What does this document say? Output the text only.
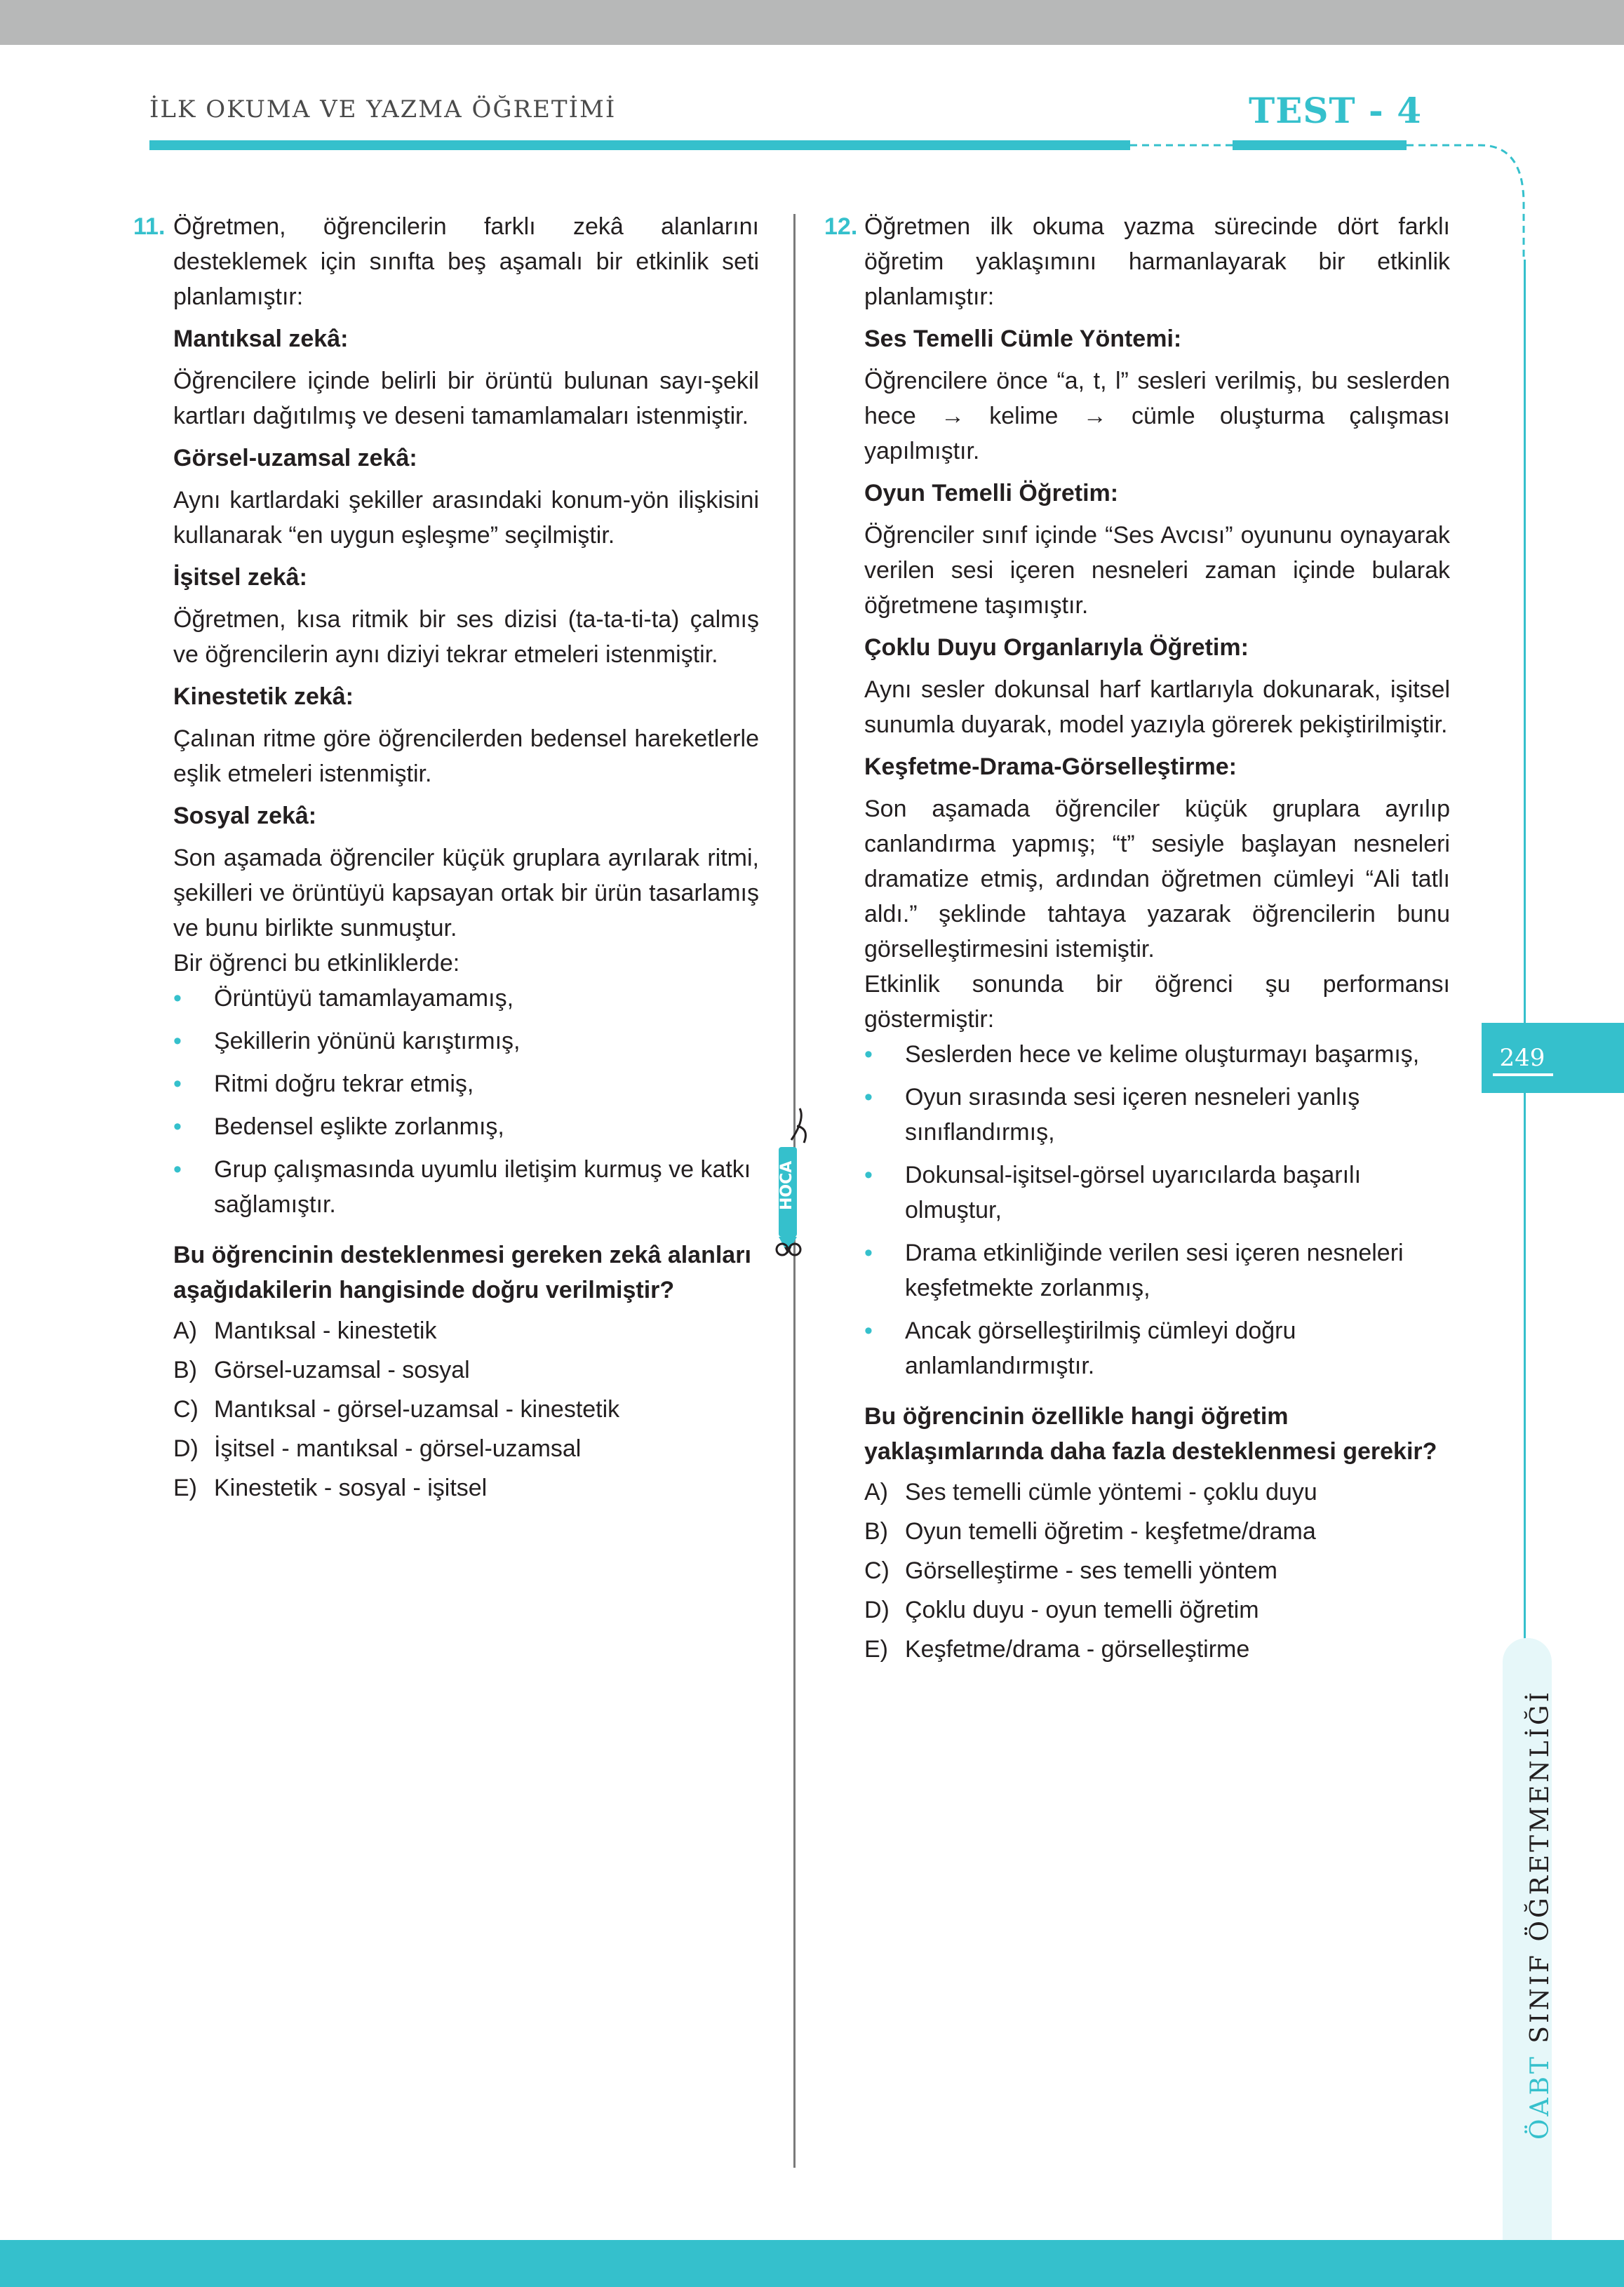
İLK OKUMA VE YAZMA ÖĞRETİMİ	TEST - 4
HOCA
11. Öğretmen, öğrencilerin farklı zekâ alanlarını desteklemek için sınıfta beş aşamalı bir etkinlik seti planlamıştır:
Mantıksal zekâ:
Öğrencilere içinde belirli bir örüntü bulunan sayı-şekil kartları dağıtılmış ve deseni tamamlamaları istenmiştir.
Görsel-uzamsal zekâ:
Aynı kartlardaki şekiller arasındaki konum-yön ilişkisini kullanarak “en uygun eşleşme” seçilmiştir.
İşitsel zekâ:
Öğretmen, kısa ritmik bir ses dizisi (ta-ta-ti-ta) çalmış ve öğrencilerin aynı diziyi tekrar etmeleri istenmiştir.
Kinestetik zekâ:
Çalınan ritme göre öğrencilerden bedensel hareketlerle eşlik etmeleri istenmiştir.
Sosyal zekâ:
Son aşamada öğrenciler küçük gruplara ayrılarak ritmi, şekilleri ve örüntüyü kapsayan ortak bir ürün tasarlamış ve bunu birlikte sunmuştur.
Bir öğrenci bu etkinliklerde:
• Örüntüyü tamamlayamamış,
• Şekillerin yönünü karıştırmış,
• Ritmi doğru tekrar etmiş,
• Bedensel eşlikte zorlanmış,
• Grup çalışmasında uyumlu iletişim kurmuş ve katkı sağlamıştır.
Bu öğrencinin desteklenmesi gereken zekâ alanları aşağıdakilerin hangisinde doğru verilmiştir?
A) Mantıksal - kinestetik
B) Görsel-uzamsal - sosyal
C) Mantıksal - görsel-uzamsal - kinestetik
D) İşitsel - mantıksal - görsel-uzamsal
E) Kinestetik - sosyal - işitsel
12. Öğretmen ilk okuma yazma sürecinde dört farklı öğretim yaklaşımını harmanlayarak bir etkinlik planlamıştır:
Ses Temelli Cümle Yöntemi:
Öğrencilere önce “a, t, l” sesleri verilmiş, bu seslerden hece → kelime → cümle oluşturma çalışması yapılmıştır.
Oyun Temelli Öğretim:
Öğrenciler sınıf içinde “Ses Avcısı” oyununu oynayarak verilen sesi içeren nesneleri zaman içinde bularak öğretmene taşımıştır.
Çoklu Duyu Organlarıyla Öğretim:
Aynı sesler dokunsal harf kartlarıyla dokunarak, işitsel sunumla duyarak, model yazıyla görerek pekiştirilmiştir.
Keşfetme-Drama-Görselleştirme:
Son aşamada öğrenciler küçük gruplara ayrılıp canlandırma yapmış; “t” sesiyle başlayan nesneleri dramatize etmiş, ardından öğretmen cümleyi “Ali tatlı aldı.” şeklinde tahtaya yazarak öğrencilerin bunu görselleştirmesini istemiştir.
Etkinlik sonunda bir öğrenci şu performansı göstermiştir:
• Seslerden hece ve kelime oluşturmayı başarmış,
• Oyun sırasında sesi içeren nesneleri yanlış sınıflandırmış,
• Dokunsal-işitsel-görsel uyarıcılarda başarılı olmuştur,
• Drama etkinliğinde verilen sesi içeren nesneleri keşfetmekte zorlanmış,
• Ancak görselleştirilmiş cümleyi doğru anlamlandırmıştır.
Bu öğrencinin özellikle hangi öğretim yaklaşımlarında daha fazla desteklenmesi gerekir?
A) Ses temelli cümle yöntemi - çoklu duyu
B) Oyun temelli öğretim - keşfetme/drama
C) Görselleştirme - ses temelli yöntem
D) Çoklu duyu - oyun temelli öğretim
E) Keşfetme/drama - görselleştirme
249
ÖABT SINIF ÖĞRETMENLİĞİ
